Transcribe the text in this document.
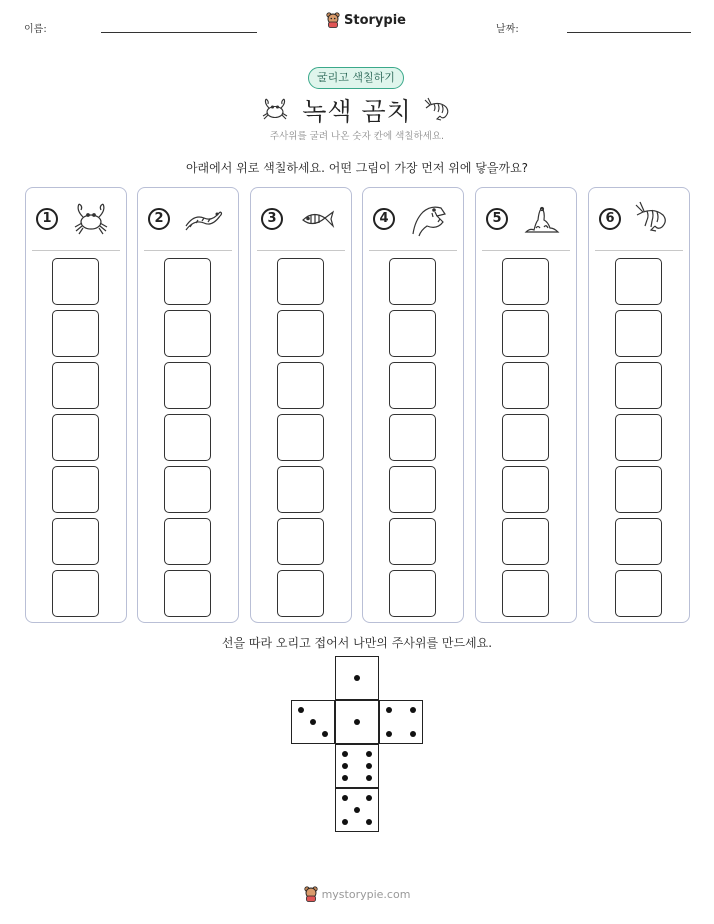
이름:
Storypie
날짜:
굴리고 색칠하기
녹색 곰치
주사위를 굴려 나온 숫자 칸에 색칠하세요.
아래에서 위로 색칠하세요. 어떤 그림이 가장 먼저 위에 닿을까요?
1	2	3	4	5	6
선을 따라 오리고 접어서 나만의 주사위를 만드세요.
mystorypie.com
